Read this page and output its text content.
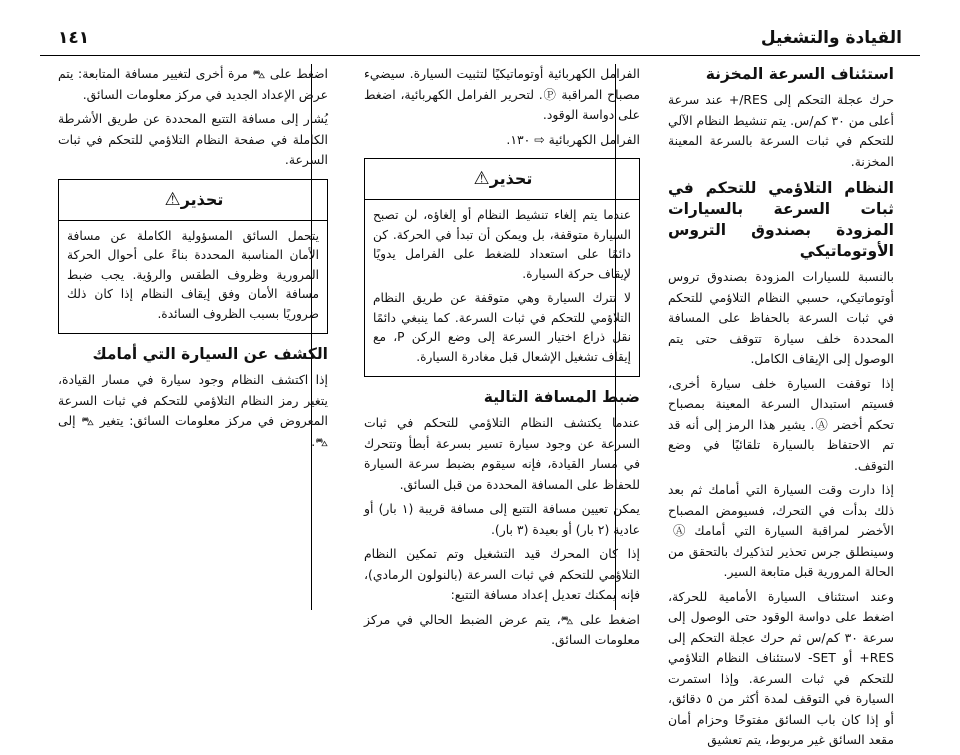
القيادة والتشغيل
١٤١
استئناف السرعة المخزنة

حرك عجلة التحكم إلى RES/+ عند سرعة أعلى من ٣٠ كم/س. يتم تنشيط النظام الآلي للتحكم في ثبات السرعة بالسرعة المعينة المخزنة.

النظام التلاؤمي للتحكم في ثبات السرعة بالسيارات المزودة بصندوق التروس الأوتوماتيكي

بالنسبة للسيارات المزودة بصندوق تروس أوتوماتيكي، حسبي النظام التلاؤمي للتحكم في ثبات السرعة بالحفاظ على المسافة المحددة خلف سيارة تتوقف حتى يتم الوصول إلى الإيقاف الكامل.

إذا توقفت السيارة خلف سيارة أخرى، فسيتم استبدال السرعة المعينة بمصباح تحكم أخضر Ⓐ. يشير هذا الرمز إلى أنه قد تم الاحتفاظ بالسيارة تلقائيًا في وضع التوقف.

إذا دارت وقت السيارة التي أمامك ثم بعد ذلك بدأت في التحرك، فسيومض المصباح الأخضر لمراقبة السيارة التي أمامك Ⓐ وسينطلق جرس تحذير لتذكيرك بالتحقق من الحالة المرورية قبل متابعة السير.

وعند استئناف السيارة الأمامية للحركة، اضغط على دواسة الوقود حتى الوصول إلى سرعة ٣٠ كم/س ثم حرك عجلة التحكم إلى RES+ أو SET- لاستئناف النظام التلاؤمي للتحكم في ثبات السرعة. وإذا استمرت السيارة في التوقف لمدة أكثر من ٥ دقائق، أو إذا كان باب السائق مفتوحًا وحزام أمان مقعد السائق غير مربوط، يتم تعشيق

الفرامل الكهربائية أوتوماتيكيًا لتثبيت السيارة. سيضيء مصباح المراقبة Ⓟ. لتحرير الفرامل الكهربائية، اضغط على دواسة الوقود.

الفرامل الكهربائية ⇨ ١٣٠.

تحذير⚠

عندما يتم إلغاء تنشيط النظام أو إلغاؤه، لن تصبح السيارة متوقفة، بل ويمكن أن تبدأ في الحركة. كن دائمًا على استعداد للضغط على الفرامل يدويًا لإيقاف حركة السيارة.

لا تترك السيارة وهي متوقفة عن طريق النظام التلاؤمي للتحكم في ثبات السرعة. كما ينبغي دائمًا نقل ذراع اختيار السرعة إلى وضع الركن P، مع إيقاف تشغيل الإشعال قبل مغادرة السيارة.

ضبط المسافة التالية

عندما يكتشف النظام التلاؤمي للتحكم في ثبات السرعة عن وجود سيارة تسير بسرعة أبطأ وتتحرك في مسار القيادة، فإنه سيقوم بضبط سرعة السيارة للحفاظ على المسافة المحددة من قبل السائق.

يمكن تعيين مسافة التتبع إلى مسافة قريبة (١ بار) أو عادية (٢ بار) أو بعيدة (٣ بار).

إذا كان المحرك قيد التشغيل وتم تمكين النظام التلاؤمي للتحكم في ثبات السرعة (بالنولون الرمادي)، فإنه يمكنك تعديل إعداد مسافة التتبع:

اضغط على ⛍، يتم عرض الضبط الحالي في مركز معلومات السائق.

اضغط على ⛍ مرة أخرى لتغيير مسافة المتابعة: يتم عرض الإعداد الجديد في مركز معلومات السائق.

يُشار إلى مسافة التتبع المحددة عن طريق الأشرطة الكاملة في صفحة النظام التلاؤمي للتحكم في ثبات السرعة.

تحذير⚠

يتحمل السائق المسؤولية الكاملة عن مسافة الأمان المناسبة المحددة بناءً على أحوال الحركة المرورية وظروف الطقس والرؤية. يجب ضبط مسافة الأمان وفق إيقاف النظام إذا كان ذلك ضروريًا بسبب الظروف السائدة.

الكشف عن السيارة التي أمامك

إذا اكتشف النظام وجود سيارة في مسار القيادة، يتغير رمز النظام التلاؤمي للتحكم في ثبات السرعة المعروض في مركز معلومات السائق: يتغير ⛍ إلى ⛍.
